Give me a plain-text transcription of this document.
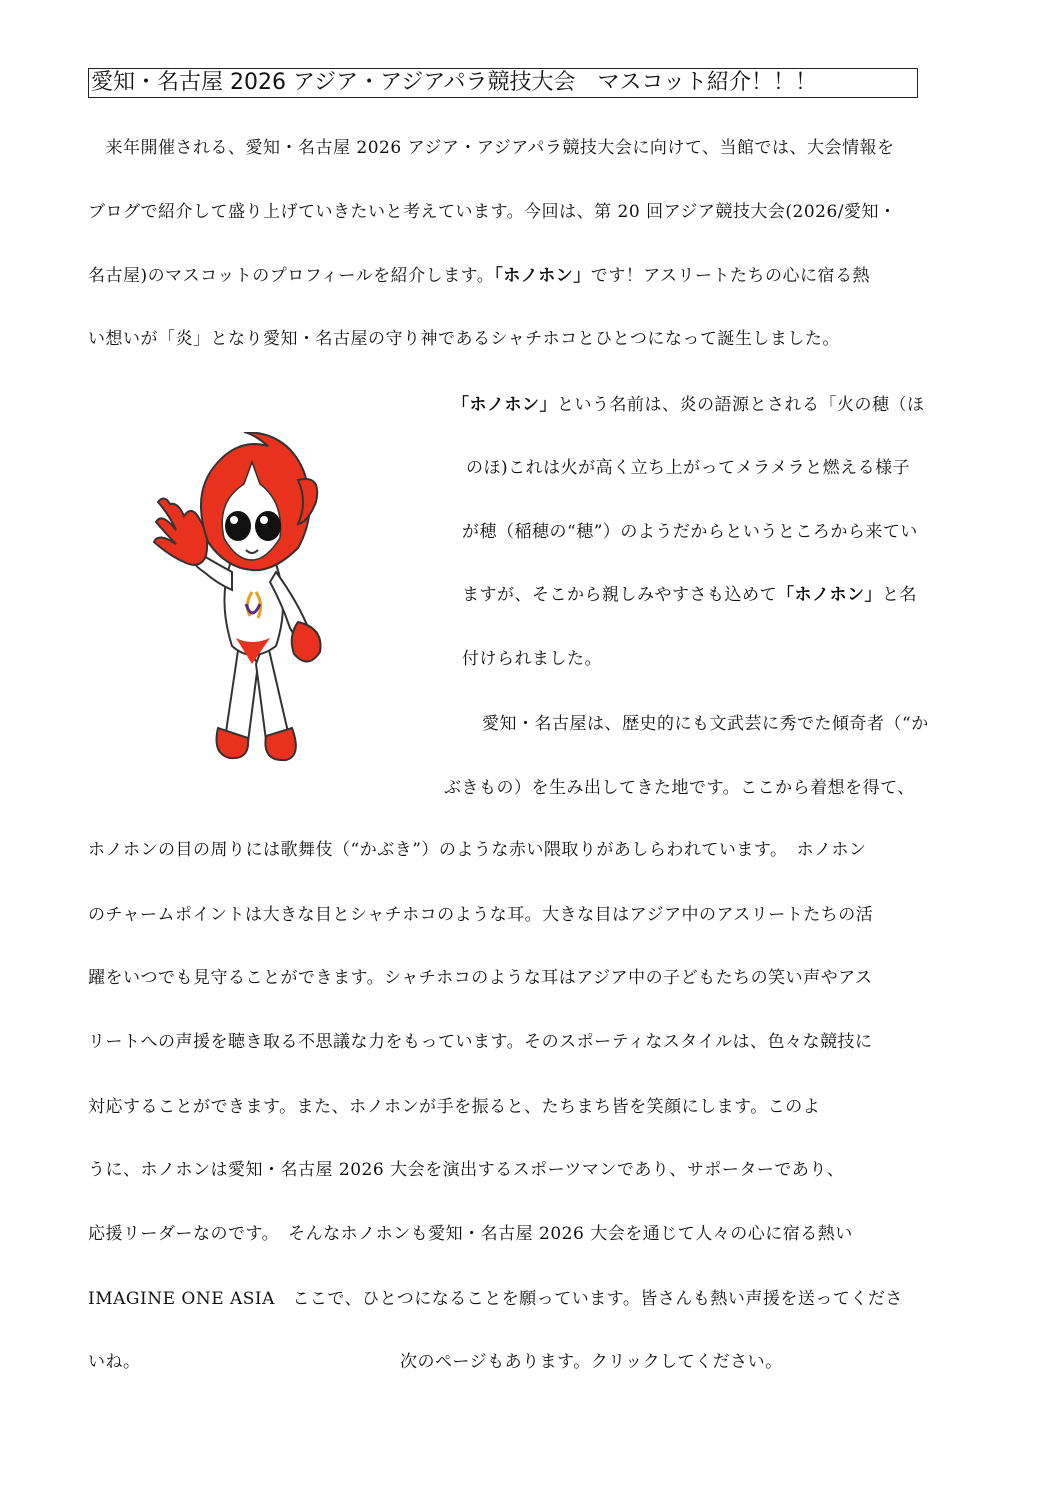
愛知・名古屋 2026 アジア・アジアパラ競技大会　マスコット紹介！！！
　来年開催される、愛知・名古屋 2026 アジア・アジアパラ競技大会に向けて、当館では、大会情報を
ブログで紹介して盛り上げていきたいと考えています。今回は、第 20 回アジア競技大会(2026/愛知・
名古屋)のマスコットのプロフィールを紹介します。「ホノホン」です！アスリートたちの心に宿る熱
い想いが「炎」となり愛知・名古屋の守り神であるシャチホコとひとつになって誕生しました。
「ホノホン」という名前は、炎の語源とされる「火の穂（ほ
のほ)これは火が高く立ち上がってメラメラと燃える様子
が穂（稲穂の“穂”）のようだからというところから来てい
ますが、そこから親しみやすさも込めて「ホノホン」と名
付けられました。
愛知・名古屋は、歴史的にも文武芸に秀でた傾奇者（“か
ぶきもの）を生み出してきた地です。ここから着想を得て、
ホノホンの目の周りには歌舞伎（“かぶき”）のような赤い隈取りがあしらわれています。　ホノホン
のチャームポイントは大きな目とシャチホコのような耳。大きな目はアジア中のアスリートたちの活
躍をいつでも見守ることができます。シャチホコのような耳はアジア中の子どもたちの笑い声やアス
リートへの声援を聴き取る不思議な力をもっています。そのスポーティなスタイルは、色々な競技に
対応することができます。また、ホノホンが手を振ると、たちまち皆を笑顔にします。このよ
うに、ホノホンは愛知・名古屋 2026 大会を演出するスポーツマンであり、サポーターであり、
応援リーダーなのです。　そんなホノホンも愛知・名古屋 2026 大会を通じて人々の心に宿る熱い
IMAGINE ONE ASIA　ここで、ひとつになることを願っています。皆さんも熱い声援を送ってくださ
いね。	次のページもあります。クリックしてください。
